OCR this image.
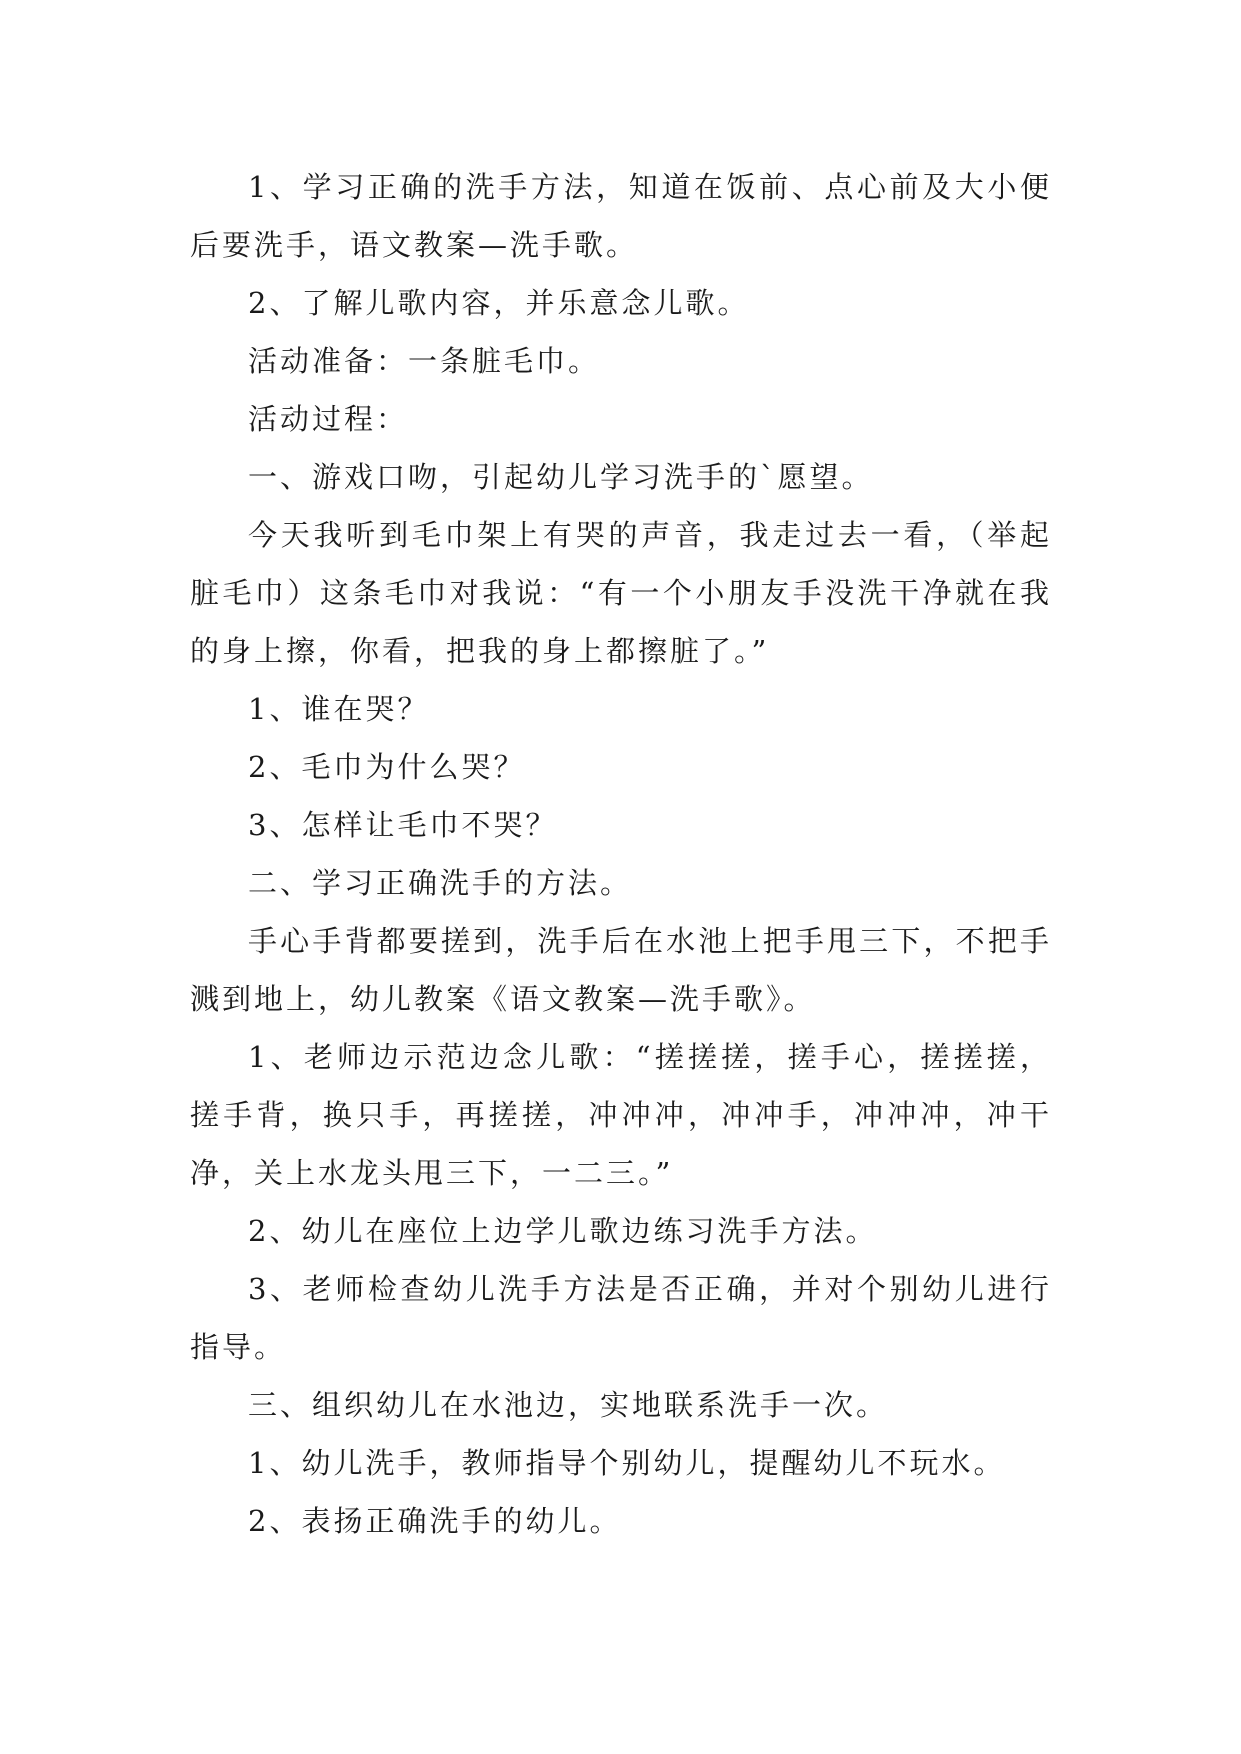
1、学习正确的洗手方法，知道在饭前、点心前及大小便后要洗手，语文教案—洗手歌。

2、了解儿歌内容，并乐意念儿歌。

活动准备：一条脏毛巾。

活动过程：

一、游戏口吻，引起幼儿学习洗手的`愿望。

今天我听到毛巾架上有哭的声音，我走过去一看，（举起脏毛巾）这条毛巾对我说：“有一个小朋友手没洗干净就在我的身上擦，你看，把我的身上都擦脏了。”

1、谁在哭？

2、毛巾为什么哭？

3、怎样让毛巾不哭？

二、学习正确洗手的方法。

手心手背都要搓到，洗手后在水池上把手甩三下，不把手溅到地上，幼儿教案《语文教案—洗手歌》。

1、老师边示范边念儿歌：“搓搓搓，搓手心，搓搓搓，搓手背，换只手，再搓搓，冲冲冲，冲冲手，冲冲冲，冲干净，关上水龙头甩三下，一二三。”

2、幼儿在座位上边学儿歌边练习洗手方法。

3、老师检查幼儿洗手方法是否正确，并对个别幼儿进行指导。

三、组织幼儿在水池边，实地联系洗手一次。

1、幼儿洗手，教师指导个别幼儿，提醒幼儿不玩水。

2、表扬正确洗手的幼儿。
